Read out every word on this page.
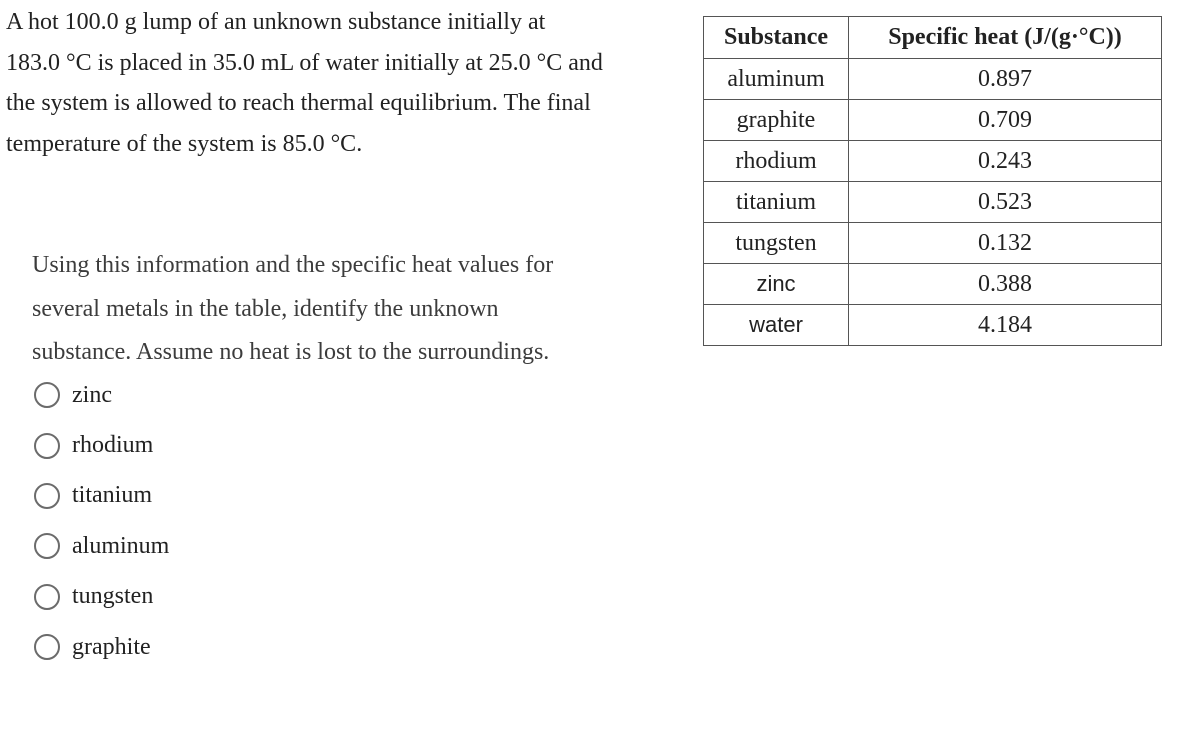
A hot 100.0 g lump of an unknown substance initially at
183.0 °C is placed in 35.0 mL of water initially at 25.0 °C and
the system is allowed to reach thermal equilibrium. The final
temperature of the system is 85.0 °C.
Using this information and the specific heat values for
several metals in the table, identify the unknown
substance. Assume no heat is lost to the surroundings.
zinc
rhodium
titanium
aluminum
tungsten
graphite
Substance	Specific heat (J/(g·°C))
aluminum	0.897
graphite	0.709
rhodium	0.243
titanium	0.523
tungsten	0.132
zinc	0.388
water	4.184
